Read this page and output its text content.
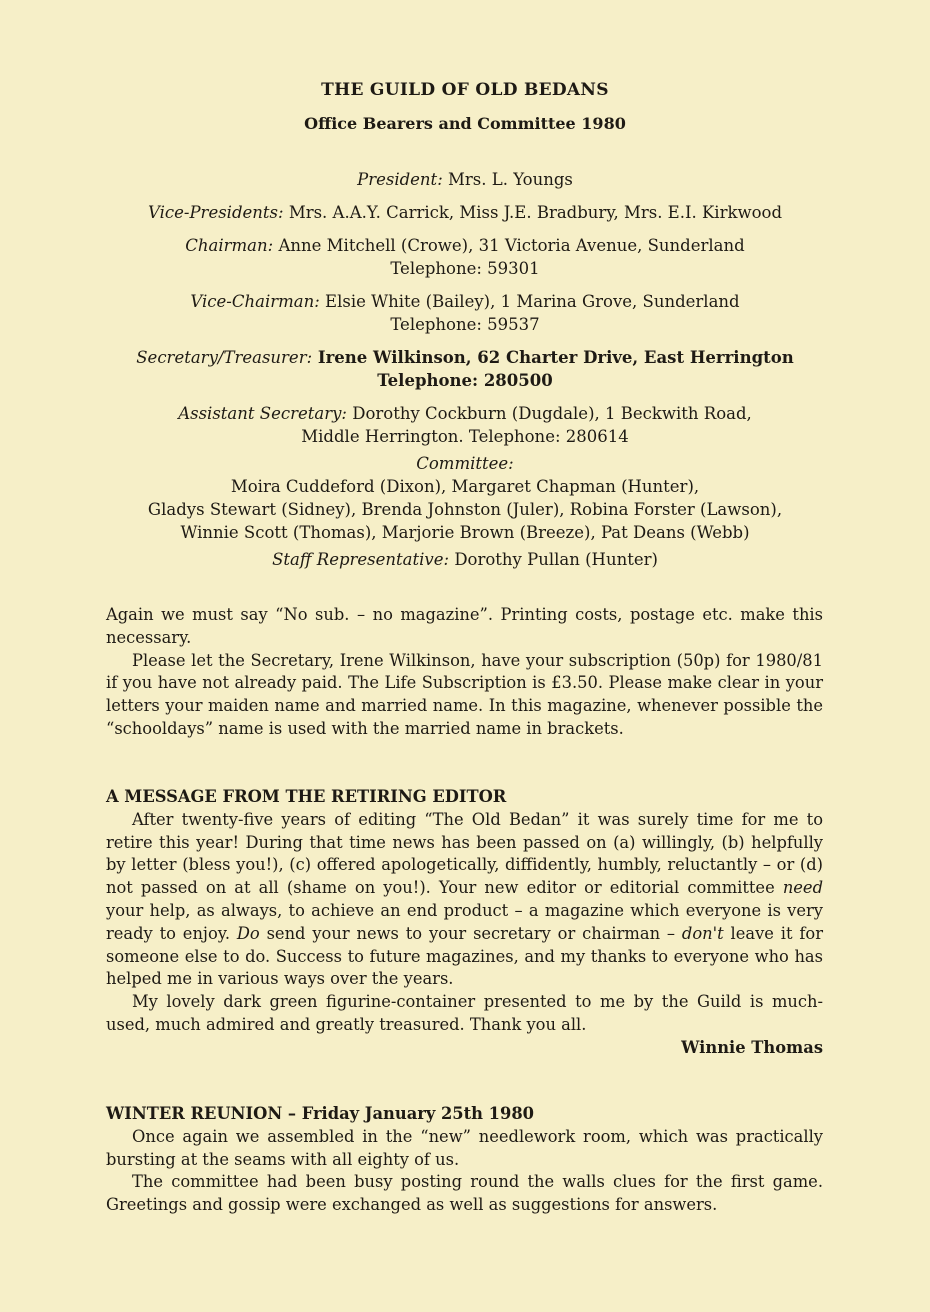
THE GUILD OF OLD BEDANS
Office Bearers and Committee 1980
President: Mrs. L. Youngs
Vice-Presidents: Mrs. A.A.Y. Carrick, Miss J.E. Bradbury, Mrs. E.I. Kirkwood
Chairman: Anne Mitchell (Crowe), 31 Victoria Avenue, Sunderland
Telephone: 59301
Vice-Chairman: Elsie White (Bailey), 1 Marina Grove, Sunderland
Telephone: 59537
Secretary/Treasurer: Irene Wilkinson, 62 Charter Drive, East Herrington
Telephone: 280500
Assistant Secretary: Dorothy Cockburn (Dugdale), 1 Beckwith Road,
Middle Herrington. Telephone: 280614
Committee:
Moira Cuddeford (Dixon), Margaret Chapman (Hunter),
Gladys Stewart (Sidney), Brenda Johnston (Juler), Robina Forster (Lawson),
Winnie Scott (Thomas), Marjorie Brown (Breeze), Pat Deans (Webb)
Staff Representative: Dorothy Pullan (Hunter)

Again we must say “No sub. – no magazine”. Printing costs, postage etc. make this necessary.

Please let the Secretary, Irene Wilkinson, have your subscription (50p) for 1980/81 if you have not already paid. The Life Subscription is £3.50. Please make clear in your letters your maiden name and married name. In this magazine, whenever possible the “schooldays” name is used with the married name in brackets.

A MESSAGE FROM THE RETIRING EDITOR

After twenty-five years of editing “The Old Bedan” it was surely time for me to retire this year! During that time news has been passed on (a) willingly, (b) helpfully by letter (bless you!), (c) offered apologetically, diffidently, humbly, reluctantly – or (d) not passed on at all (shame on you!). Your new editor or editorial committee need your help, as always, to achieve an end product – a magazine which everyone is very ready to enjoy. Do send your news to your secretary or chairman – don't leave it for someone else to do. Success to future magazines, and my thanks to everyone who has helped me in various ways over the years.

My lovely dark green figurine-container presented to me by the Guild is much-used, much admired and greatly treasured. Thank you all.

Winnie Thomas

WINTER REUNION – Friday January 25th 1980

Once again we assembled in the “new” needlework room, which was practically bursting at the seams with all eighty of us.

The committee had been busy posting round the walls clues for the first game. Greetings and gossip were exchanged as well as suggestions for answers.
